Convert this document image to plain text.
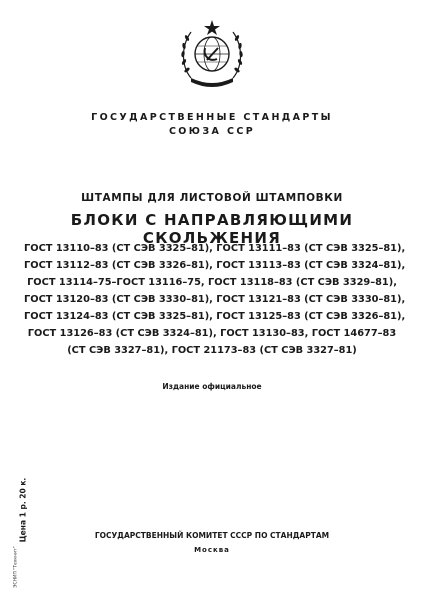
ГОСУДАРСТВЕННЫЕ СТАНДАРТЫ
СОЮЗА ССР
ШТАМПЫ ДЛЯ ЛИСТОВОЙ ШТАМПОВКИ
БЛОКИ С НАПРАВЛЯЮЩИМИ СКОЛЬЖЕНИЯ
ГОСТ 13110–83 (СТ СЭВ 3325–81), ГОСТ 13111–83 (СТ СЭВ 3325–81),
ГОСТ 13112–83 (СТ СЭВ 3326–81), ГОСТ 13113–83 (СТ СЭВ 3324–81),
ГОСТ 13114–75–ГОСТ 13116–75, ГОСТ 13118–83 (СТ СЭВ 3329–81),
ГОСТ 13120–83 (СТ СЭВ 3330–81), ГОСТ 13121–83 (СТ СЭВ 3330–81),
ГОСТ 13124–83 (СТ СЭВ 3325–81), ГОСТ 13125–83 (СТ СЭВ 3326–81),
ГОСТ 13126–83 (СТ СЭВ 3324–81), ГОСТ 13130–83, ГОСТ 14677–83
(СТ СЭВ 3327–81), ГОСТ 21173–83 (СТ СЭВ 3327–81)
Издание официальное
Цена 1 р. 20 к.
ЭСНИП "Техкнит"
ГОСУДАРСТВЕННЫЙ КОМИТЕТ СССР ПО СТАНДАРТАМ
Москва
